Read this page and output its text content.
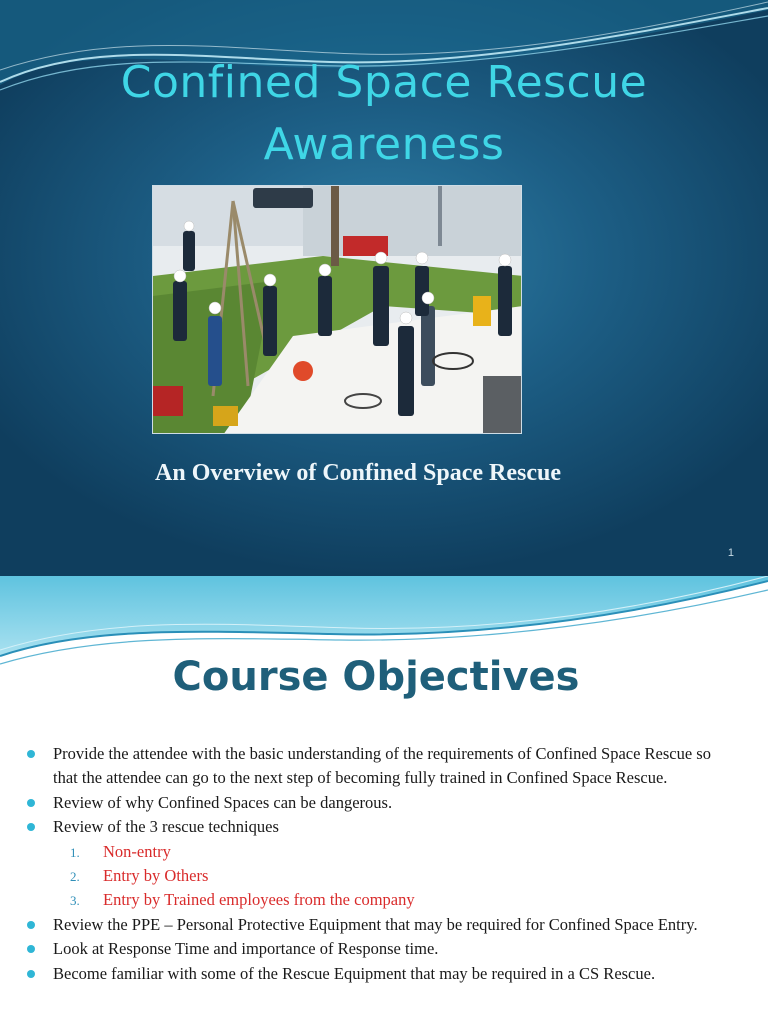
Confined Space Rescue
Awareness
An Overview of Confined Space Rescue
1
Course Objectives
Provide the attendee with the basic understanding of the requirements of Confined Space Rescue so that the attendee can go to the next step of becoming fully trained in Confined Space Rescue.
Review of why Confined Spaces can be dangerous.
Review of the 3 rescue techniques
1. Non-entry
2. Entry by Others
3. Entry by Trained employees from the company
Review the PPE – Personal Protective Equipment that may be required for Confined Space Entry.
Look at Response Time and importance of Response time.
Become familiar with some of the Rescue Equipment that may be required in a CS Rescue.
